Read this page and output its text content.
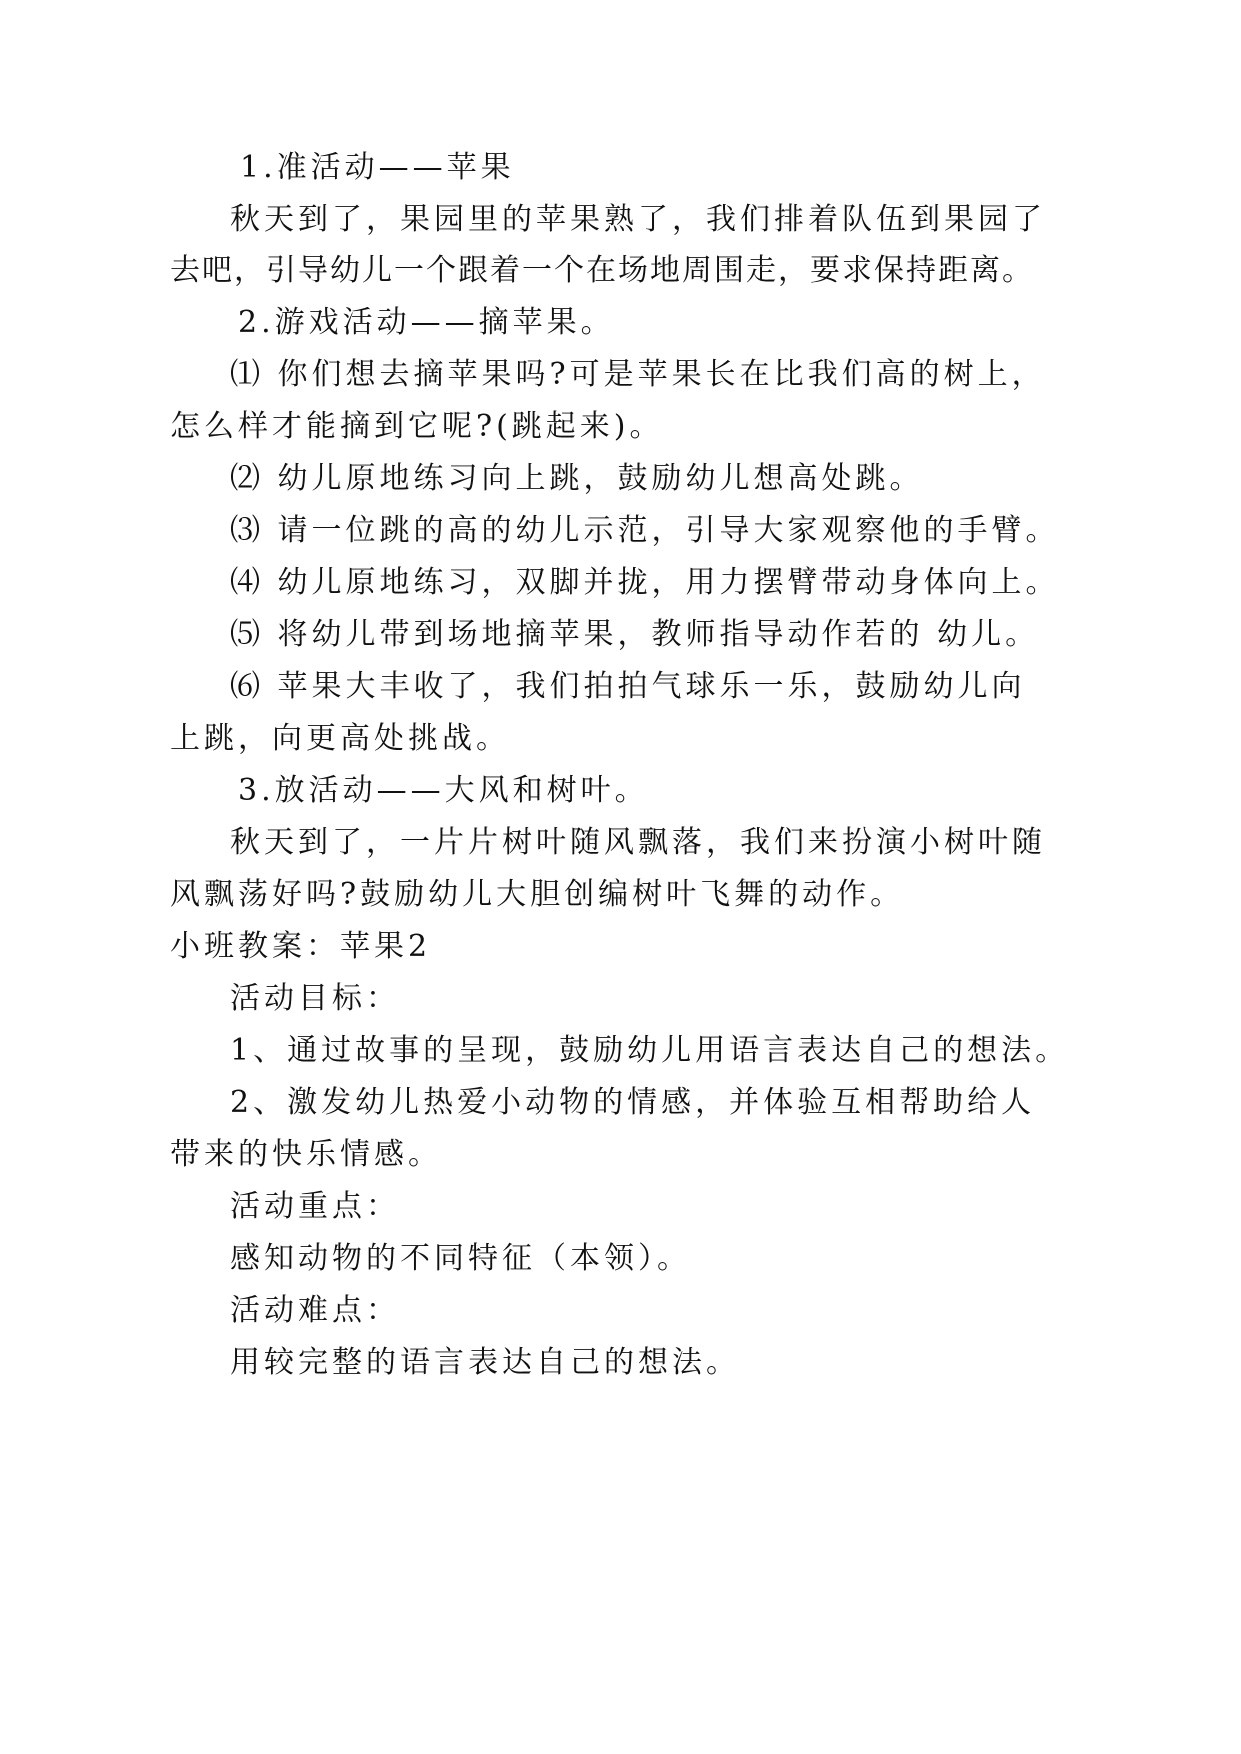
1.准活动——苹果
秋天到了，果园里的苹果熟了，我们排着队伍到果园了
去吧，引导幼儿一个跟着一个在场地周围走，要求保持距离。
2.游戏活动——摘苹果。
⑴ 你们想去摘苹果吗?可是苹果长在比我们高的树上，
怎么样才能摘到它呢?(跳起来)。
⑵ 幼儿原地练习向上跳，鼓励幼儿想高处跳。
⑶ 请一位跳的高的幼儿示范，引导大家观察他的手臂。
⑷ 幼儿原地练习，双脚并拢，用力摆臂带动身体向上。
⑸ 将幼儿带到场地摘苹果，教师指导动作若的 幼儿。
⑹ 苹果大丰收了，我们拍拍气球乐一乐，鼓励幼儿向
上跳，向更高处挑战。
3.放活动——大风和树叶。
秋天到了，一片片树叶随风飘落，我们来扮演小树叶随
风飘荡好吗?鼓励幼儿大胆创编树叶飞舞的动作。
小班教案：苹果2
活动目标：
1、通过故事的呈现，鼓励幼儿用语言表达自己的想法。
2、激发幼儿热爱小动物的情感，并体验互相帮助给人
带来的快乐情感。
活动重点：
感知动物的不同特征（本领）。
活动难点：
用较完整的语言表达自己的想法。
